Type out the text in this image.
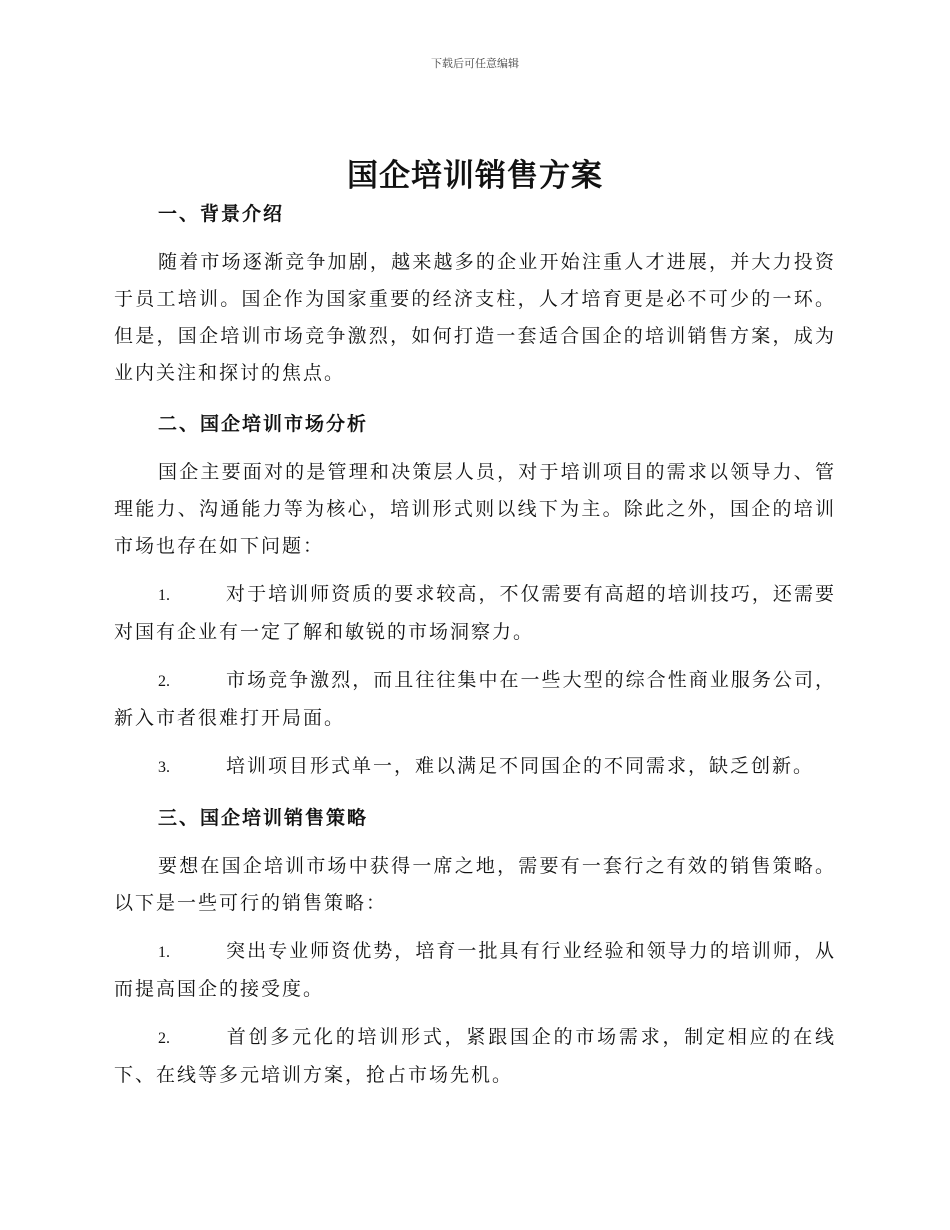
下载后可任意编辑
国企培训销售方案

一、背景介绍

随着市场逐渐竞争加剧，越来越多的企业开始注重人才进展，并大力投资于员工培训。国企作为国家重要的经济支柱，人才培育更是必不可少的一环。但是，国企培训市场竞争激烈，如何打造一套适合国企的培训销售方案，成为业内关注和探讨的焦点。

二、国企培训市场分析

国企主要面对的是管理和决策层人员，对于培训项目的需求以领导力、管理能力、沟通能力等为核心，培训形式则以线下为主。除此之外，国企的培训市场也存在如下问题：

1.	对于培训师资质的要求较高，不仅需要有高超的培训技巧，还需要对国有企业有一定了解和敏锐的市场洞察力。

2.	市场竞争激烈，而且往往集中在一些大型的综合性商业服务公司，新入市者很难打开局面。

3.	培训项目形式单一，难以满足不同国企的不同需求，缺乏创新。

三、国企培训销售策略

要想在国企培训市场中获得一席之地，需要有一套行之有效的销售策略。以下是一些可行的销售策略：

1.	突出专业师资优势，培育一批具有行业经验和领导力的培训师，从而提高国企的接受度。

2.	首创多元化的培训形式，紧跟国企的市场需求，制定相应的在线下、在线等多元培训方案，抢占市场先机。
